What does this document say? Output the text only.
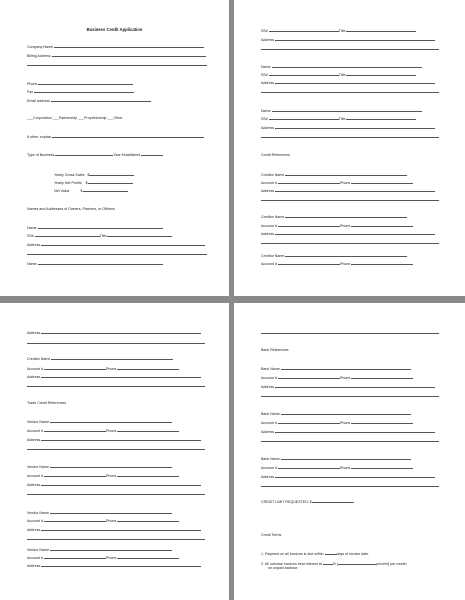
Business Credit Application
Company Name
Billing Address
Phone
Fax
Email Address
___Corporation ___Partnership ___Proprietorship ___Other
If other, explain
Type of Business	Year Established
Yearly Gross Sales $
Yearly Net Profits $
Net Value	$
Names and Addresses of Owners, Partners, or Officers
Name
SS#	Title
Address
Name
SS#	Title
Address
Name
SS#	Title
Address
Name
SS#	Title
Address
Credit References
Creditor Name
Account #	Phone
Address
Creditor Name
Account #	Phone
Address
Creditor Name
Account #	Phone
Address
Creditor Name
Account #	Phone
Address
Trade Credit References
Vendor Name
Account #	Phone
Address
Vendor Name
Account #	Phone
Address
Vendor Name
Account #	Phone
Address
Vendor Name
Account #	Phone
Address
Bank References
Bank Name
Account #	Phone
Address
Bank Name
Account #	Phone
Address
Bank Name
Account #	Phone
Address
CREDIT LIMIT REQUESTED: $
Credit Terms
1. Payment on all invoices is due within	days of invoice date.
2. All overdue invoices bear interest at	% (	percent) per month
on unpaid balance.
